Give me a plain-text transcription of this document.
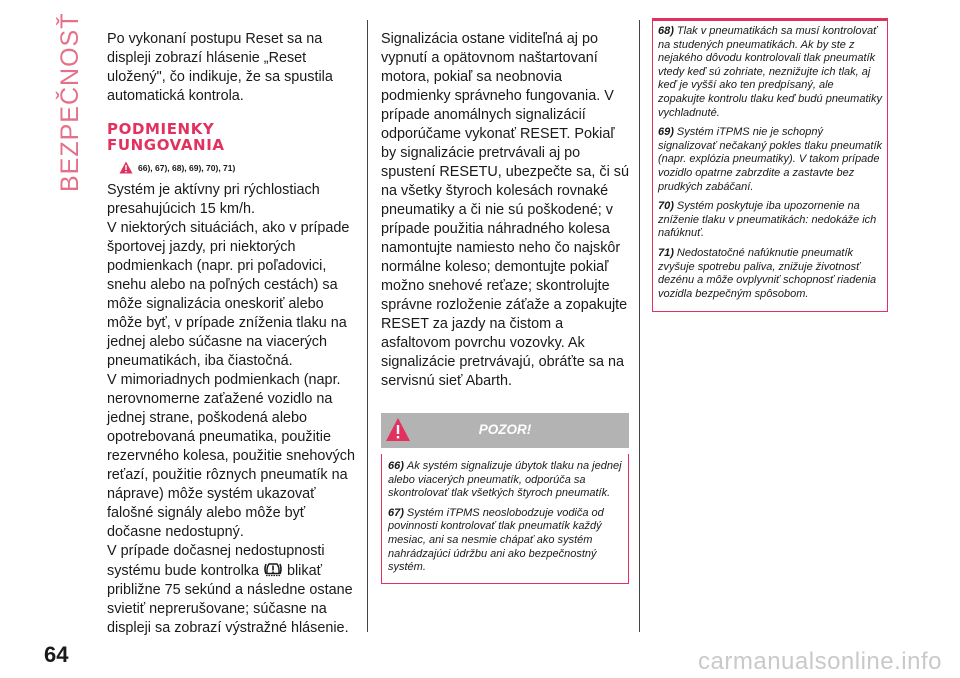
BEZPEČNOSŤ Po vykonaní postupu Reset sa na displeji zobrazí hlásenie „Reset uložený", čo indikuje, že sa spustila automatická kontrola.

PODMIENKY
FUNGOVANIA
66), 67), 68), 69), 70), 71)

Systém je aktívny pri rýchlostiach presahujúcich 15 km/h.

V niektorých situáciách, ako v prípade športovej jazdy, pri niektorých podmienkach (napr. pri poľadovici, snehu alebo na poľných cestách) sa môže signalizácia oneskoriť alebo môže byť, v prípade zníženia tlaku na jednej alebo súčasne na viacerých pneumatikách, iba čiastočná.

V mimoriadnych podmienkach (napr. nerovnomerne zaťažené vozidlo na jednej strane, poškodená alebo opotrebovaná pneumatika, použitie rezervného kolesa, použitie snehových reťazí, použitie rôznych pneumatík na náprave) môže systém ukazovať falošné signály alebo môže byť dočasne nedostupný.

V prípade dočasnej nedostupnosti systému bude kontrolka blikať približne 75 sekúnd a následne ostane svietiť neprerušovane; súčasne na displeji sa zobrazí výstražné hlásenie.

Signalizácia ostane viditeľná aj po vypnutí a opätovnom naštartovaní motora, pokiaľ sa neobnovia podmienky správneho fungovania. V prípade anomálnych signalizácií odporúčame vykonať RESET. Pokiaľ by signalizácie pretrvávali aj po spustení RESETU, ubezpečte sa, či sú na všetky štyroch kolesách rovnaké pneumatiky a či nie sú poškodené; v prípade použitia náhradného kolesa namontujte namiesto neho čo najskôr normálne koleso; demontujte pokiaľ možno snehové reťaze; skontrolujte správne rozloženie záťaže a zopakujte RESET za jazdy na čistom a asfaltovom povrchu vozovky. Ak signalizácie pretrvávajú, obráťte sa na servisnú sieť Abarth.

POZOR!

66) Ak systém signalizuje úbytok tlaku na jednej alebo viacerých pneumatík, odporúča sa skontrolovať tlak všetkých štyroch pneumatík.

67) Systém iTPMS neoslobodzuje vodiča od povinnosti kontrolovať tlak pneumatík každý mesiac, ani sa nesmie chápať ako systém nahrádzajúci údržbu ani ako bezpečnostný systém.

68) Tlak v pneumatikách sa musí kontrolovať na studených pneumatikách. Ak by ste z nejakého dôvodu kontrolovali tlak pneumatík vtedy keď sú zohriate, neznižujte ich tlak, aj keď je vyšší ako ten predpísaný, ale zopakujte kontrolu tlaku keď budú pneumatiky vychladnuté.

69) Systém iTPMS nie je schopný signalizovať nečakaný pokles tlaku pneumatík (napr. explózia pneumatiky). V takom prípade vozidlo opatrne zabrzdite a zastavte bez prudkých zabáčaní.

70) Systém poskytuje iba upozornenie na zníženie tlaku v pneumatikách: nedokáže ich nafúknuť.

71) Nedostatočné nafúknutie pneumatík zvyšuje spotrebu paliva, znižuje životnosť dezénu a môže ovplyvniť schopnosť riadenia vozidla bezpečným spôsobom.

64	carmanualsonline.info
